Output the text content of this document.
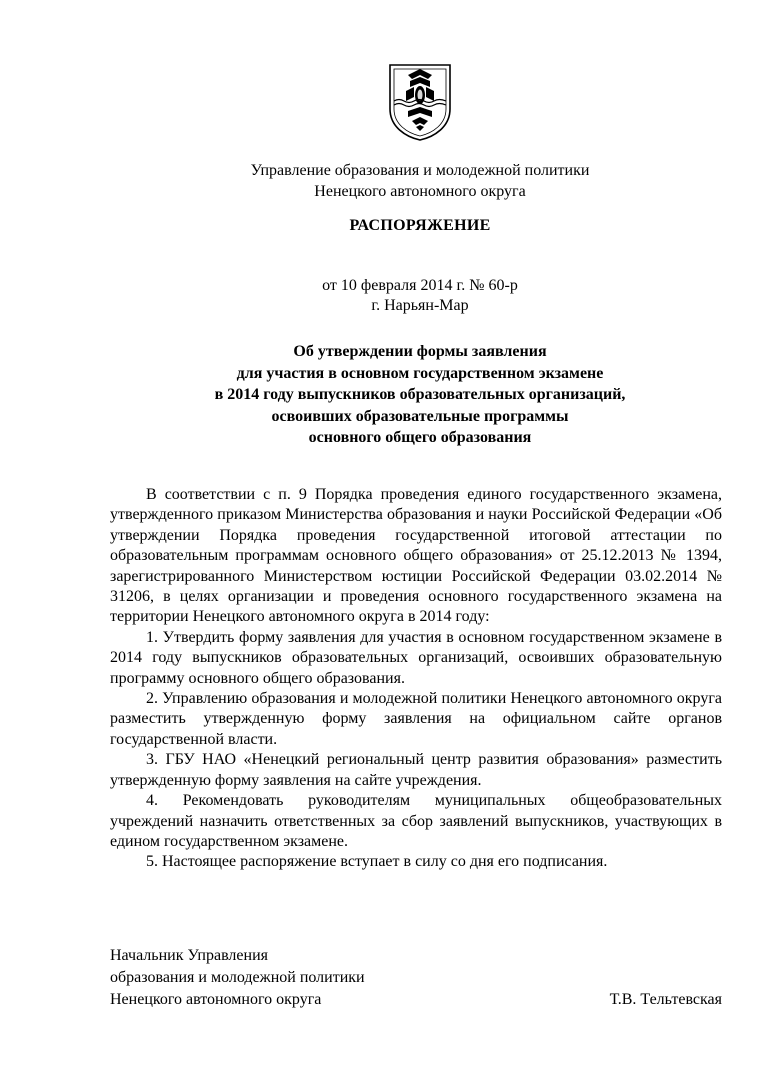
Управление образования и молодежной политики
Ненецкого автономного округа
РАСПОРЯЖЕНИЕ
от 10 февраля 2014 г. № 60-р
г. Нарьян-Мар
Об утверждении формы заявления
для участия в основном государственном экзамене
в 2014 году выпускников образовательных организаций,
освоивших образовательные программы
основного общего образования

В соответствии с п. 9 Порядка проведения единого государственного экзамена, утвержденного приказом Министерства образования и науки Российской Федерации «Об утверждении Порядка проведения государственной итоговой аттестации по образовательным программам основного общего образования» от 25.12.2013 № 1394, зарегистрированного Министерством юстиции Российской Федерации 03.02.2014 № 31206, в целях организации и проведения основного государственного экзамена на территории Ненецкого автономного округа в 2014 году:

1. Утвердить форму заявления для участия в основном государственном экзамене в 2014 году выпускников образовательных организаций, освоивших образовательную программу основного общего образования.

2. Управлению образования и молодежной политики Ненецкого автономного округа разместить утвержденную форму заявления на официальном сайте органов государственной власти.

3. ГБУ НАО «Ненецкий региональный центр развития образования» разместить утвержденную форму заявления на сайте учреждения.

4. Рекомендовать руководителям муниципальных общеобразовательных учреждений назначить ответственных за сбор заявлений выпускников, участвующих в едином государственном экзамене.

5. Настоящее распоряжение вступает в силу со дня его подписания.

Начальник Управления
образования и молодежной политики
Ненецкого автономного округа	Т.В. Тельтевская
